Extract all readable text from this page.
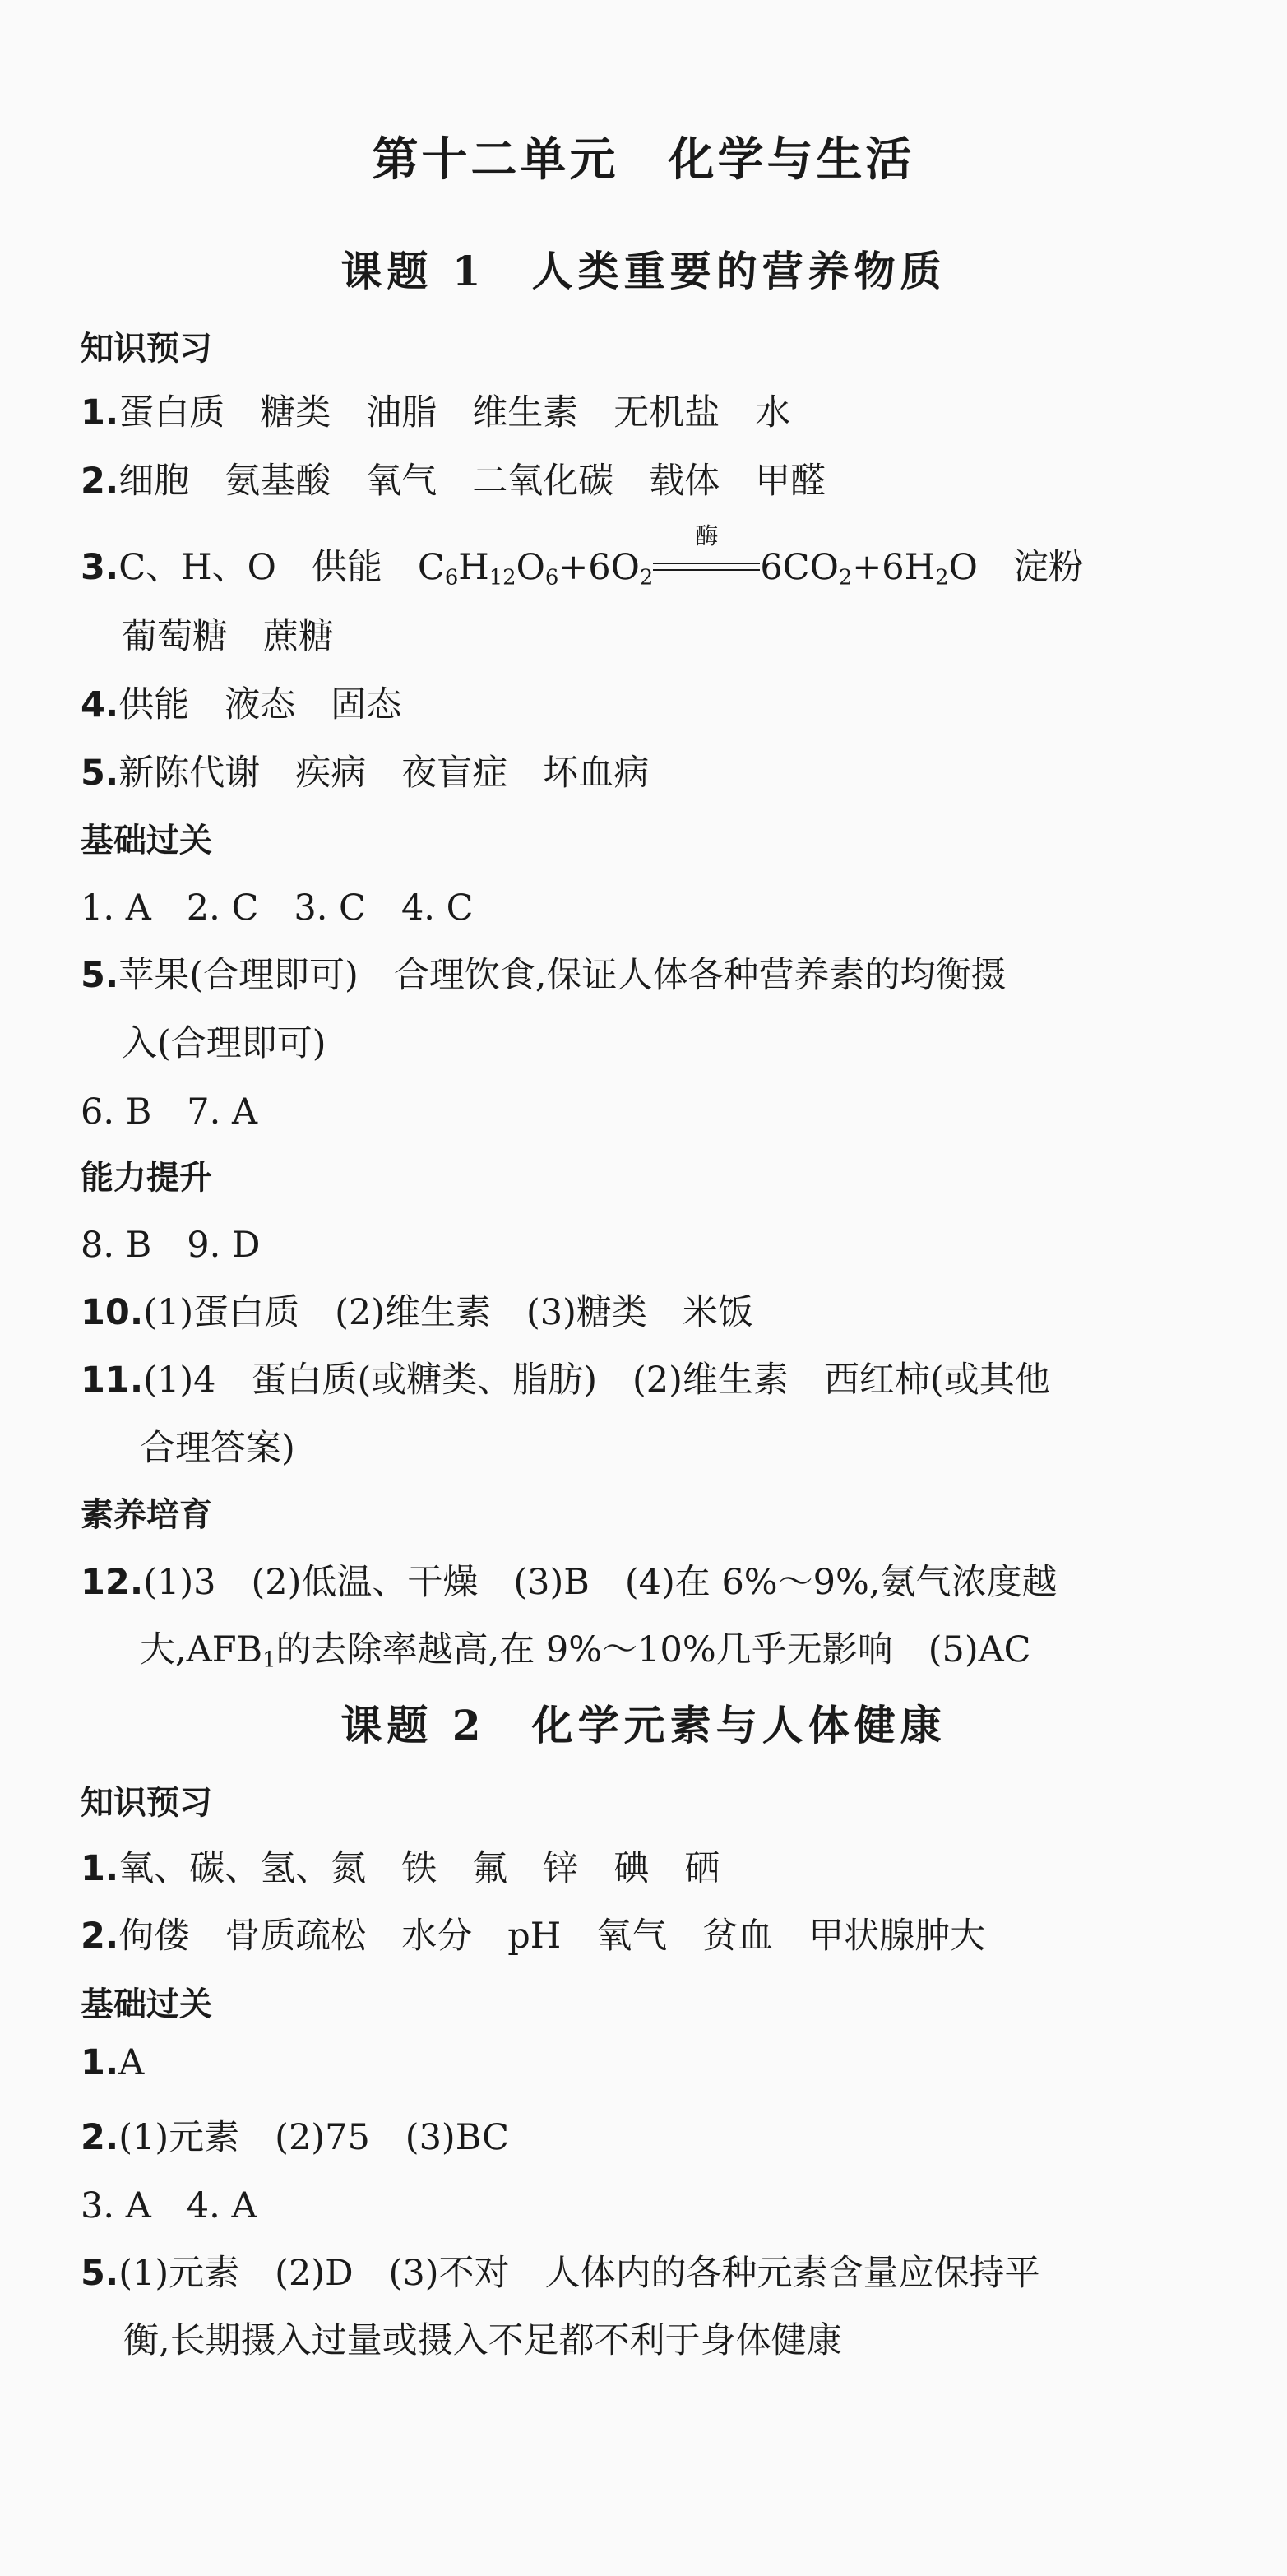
第十二单元　化学与生活
课题 1　人类重要的营养物质
知识预习
1.蛋白质　糖类　油脂　维生素　无机盐　水
2.细胞　氨基酸　氧气　二氧化碳　载体　甲醛
3.C、H、O　供能　$C_6H_{12}O_6+6O_2$
酶
$6CO_2+6H_2O$　淀粉
葡萄糖　蔗糖
4.供能　液态　固态
5.新陈代谢　疾病　夜盲症　坏血病
基础过关
1. A　2. C　3. C　4. C
5.苹果(合理即可)　合理饮食,保证人体各种营养素的均衡摄
入(合理即可)
6. B　7. A
能力提升
8. B　9. D
10.(1)蛋白质　(2)维生素　(3)糖类　米饭
11.(1)4　蛋白质(或糖类、脂肪)　(2)维生素　西红柿(或其他
合理答案)
素养培育
12.(1)3　(2)低温、干燥　(3)B　(4)在 6%～9%,氨气浓度越
大$,AFB_1$的去除率越高,在 9%～10%几乎无影响　(5)AC
课题 2　化学元素与人体健康
知识预习
1.氧、碳、氢、氮　铁　氟　锌　碘　硒
2.佝偻　骨质疏松　水分　pH　氧气　贫血　甲状腺肿大
基础过关
1.A
2.(1)元素　(2)75　(3)BC
3. A　4. A
5.(1)元素　(2)D　(3)不对　人体内的各种元素含量应保持平
衡,长期摄入过量或摄入不足都不利于身体健康
